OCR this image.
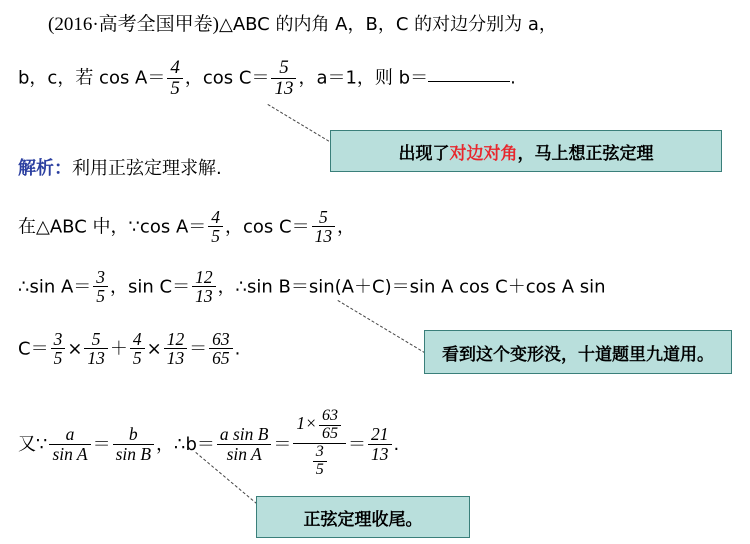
(2016·高考全国甲卷)△ABC 的内角 A，B，C 的对边分别为 a，
b，c，若 $\cos A= \frac{4}{5}$ ，$\cos C= \frac{5}{13}$ ，a＝1，则 b＝	.
解析：利用正弦定理求解.
在△ABC 中，∵cos $A= \frac{4}{5}$ ，$\cos C= \frac{5}{13}$ ，
∴sin $A= \frac{3}{5}$ ，$\sin C= \frac{12}{13}$ ，∴sin B＝sin(A＋C)＝sin A cos C＋cos A sin
$C= \frac{3}{5} \times \frac{5}{13} + \frac{4}{5} \times \frac{12}{13} = \frac{63}{65}$ .
又∵ $\frac{a}{\text{sin A}} = \frac{b}{\text{sin B}}$ ，∴b＝ $\frac{\text{a sin B}}{\text{sin A}} = \frac{1\times \frac{63}{65}}{\frac{3}{5}} = \frac{21}{13}$ .
出现了 对边对角 ，马上想正弦定理
看到这个变形没，十道题里九道用。
正弦定理收尾。
